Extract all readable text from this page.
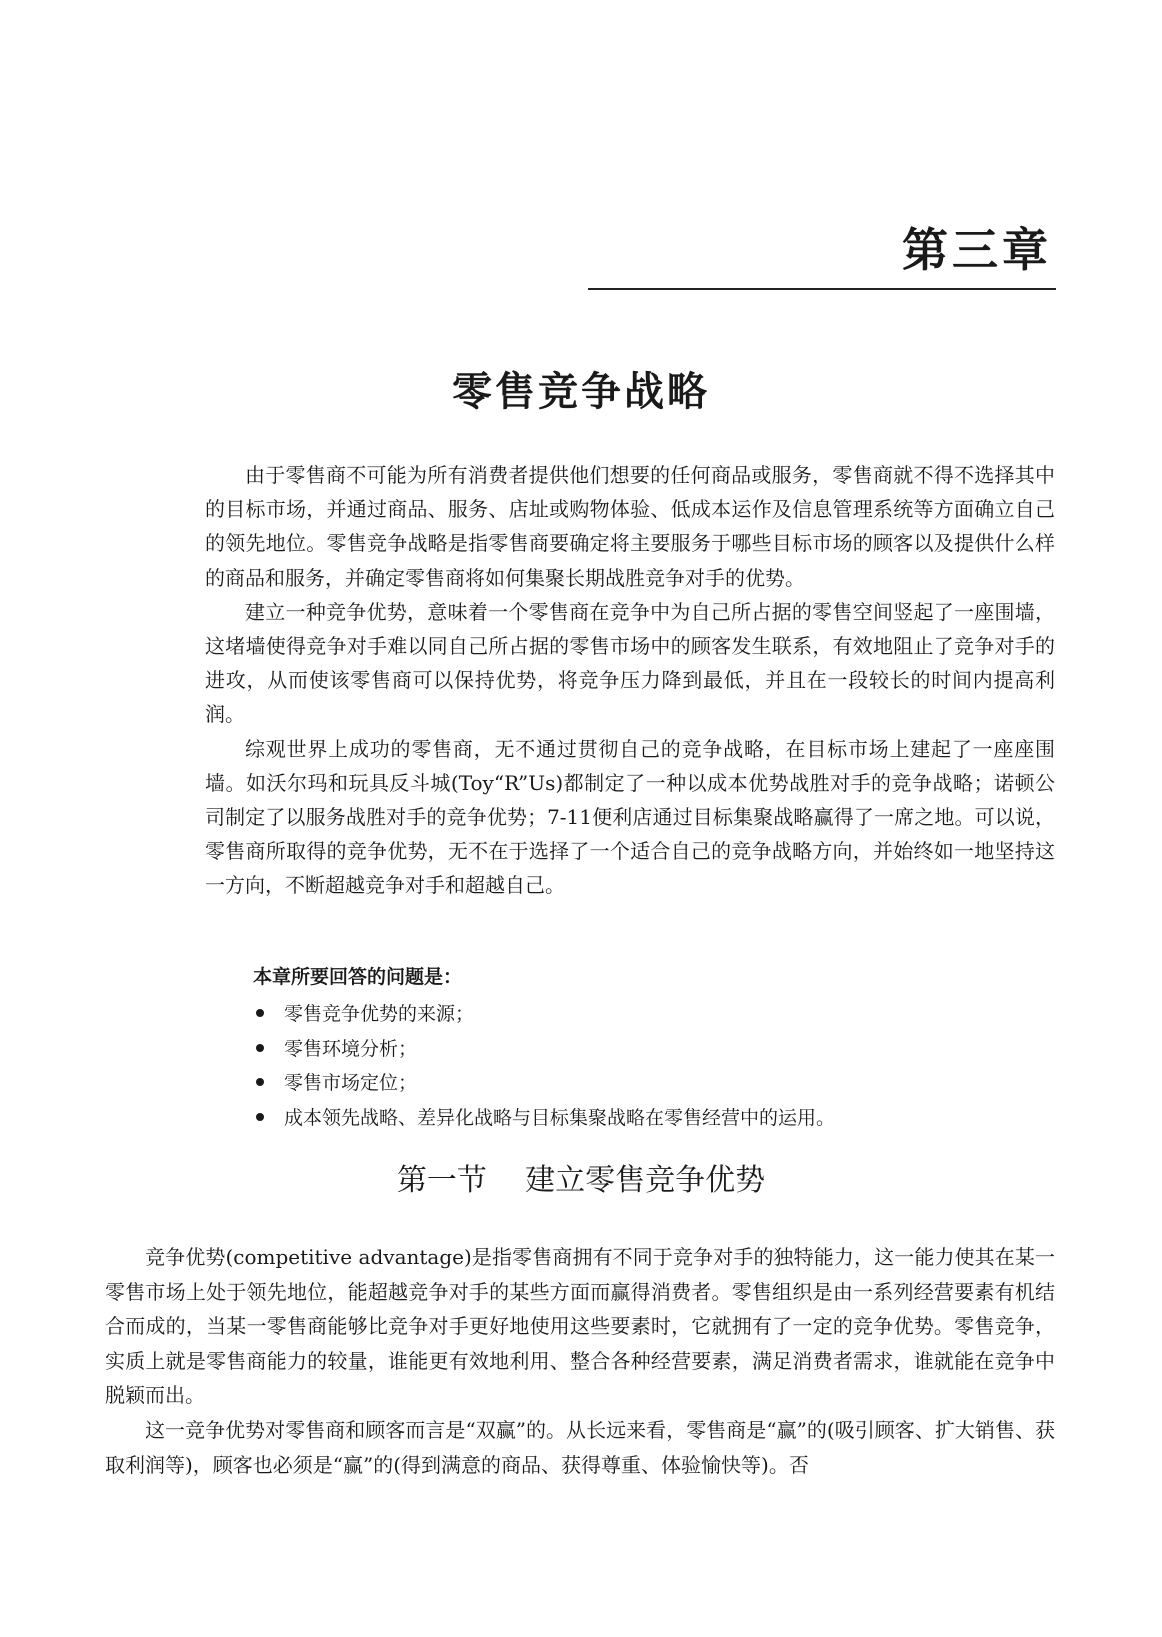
第三章
零售竞争战略

由于零售商不可能为所有消费者提供他们想要的任何商品或服务，零售商就不得不选择其中的目标市场，并通过商品、服务、店址或购物体验、低成本运作及信息管理系统等方面确立自己的领先地位。零售竞争战略是指零售商要确定将主要服务于哪些目标市场的顾客以及提供什么样的商品和服务，并确定零售商将如何集聚长期战胜竞争对手的优势。

建立一种竞争优势，意味着一个零售商在竞争中为自己所占据的零售空间竖起了一座围墙，这堵墙使得竞争对手难以同自己所占据的零售市场中的顾客发生联系，有效地阻止了竞争对手的进攻，从而使该零售商可以保持优势，将竞争压力降到最低，并且在一段较长的时间内提高利润。

综观世界上成功的零售商，无不通过贯彻自己的竞争战略，在目标市场上建起了一座座围墙。如沃尔玛和玩具反斗城(Toy“R”Us)都制定了一种以成本优势战胜对手的竞争战略；诺顿公司制定了以服务战胜对手的竞争优势；7-11便利店通过目标集聚战略赢得了一席之地。可以说，零售商所取得的竞争优势，无不在于选择了一个适合自己的竞争战略方向，并始终如一地坚持这一方向，不断超越竞争对手和超越自己。

本章所要回答的问题是：
零售竞争优势的来源；
零售环境分析；
零售市场定位；
成本领先战略、差异化战略与目标集聚战略在零售经营中的运用。
第一节    建立零售竞争优势

竞争优势(competitive advantage)是指零售商拥有不同于竞争对手的独特能力，这一能力使其在某一零售市场上处于领先地位，能超越竞争对手的某些方面而赢得消费者。零售组织是由一系列经营要素有机结合而成的，当某一零售商能够比竞争对手更好地使用这些要素时，它就拥有了一定的竞争优势。零售竞争，实质上就是零售商能力的较量，谁能更有效地利用、整合各种经营要素，满足消费者需求，谁就能在竞争中脱颖而出。

这一竞争优势对零售商和顾客而言是“双赢”的。从长远来看，零售商是“赢”的(吸引顾客、扩大销售、获取利润等)，顾客也必须是“赢”的(得到满意的商品、获得尊重、体验愉快等)。否
